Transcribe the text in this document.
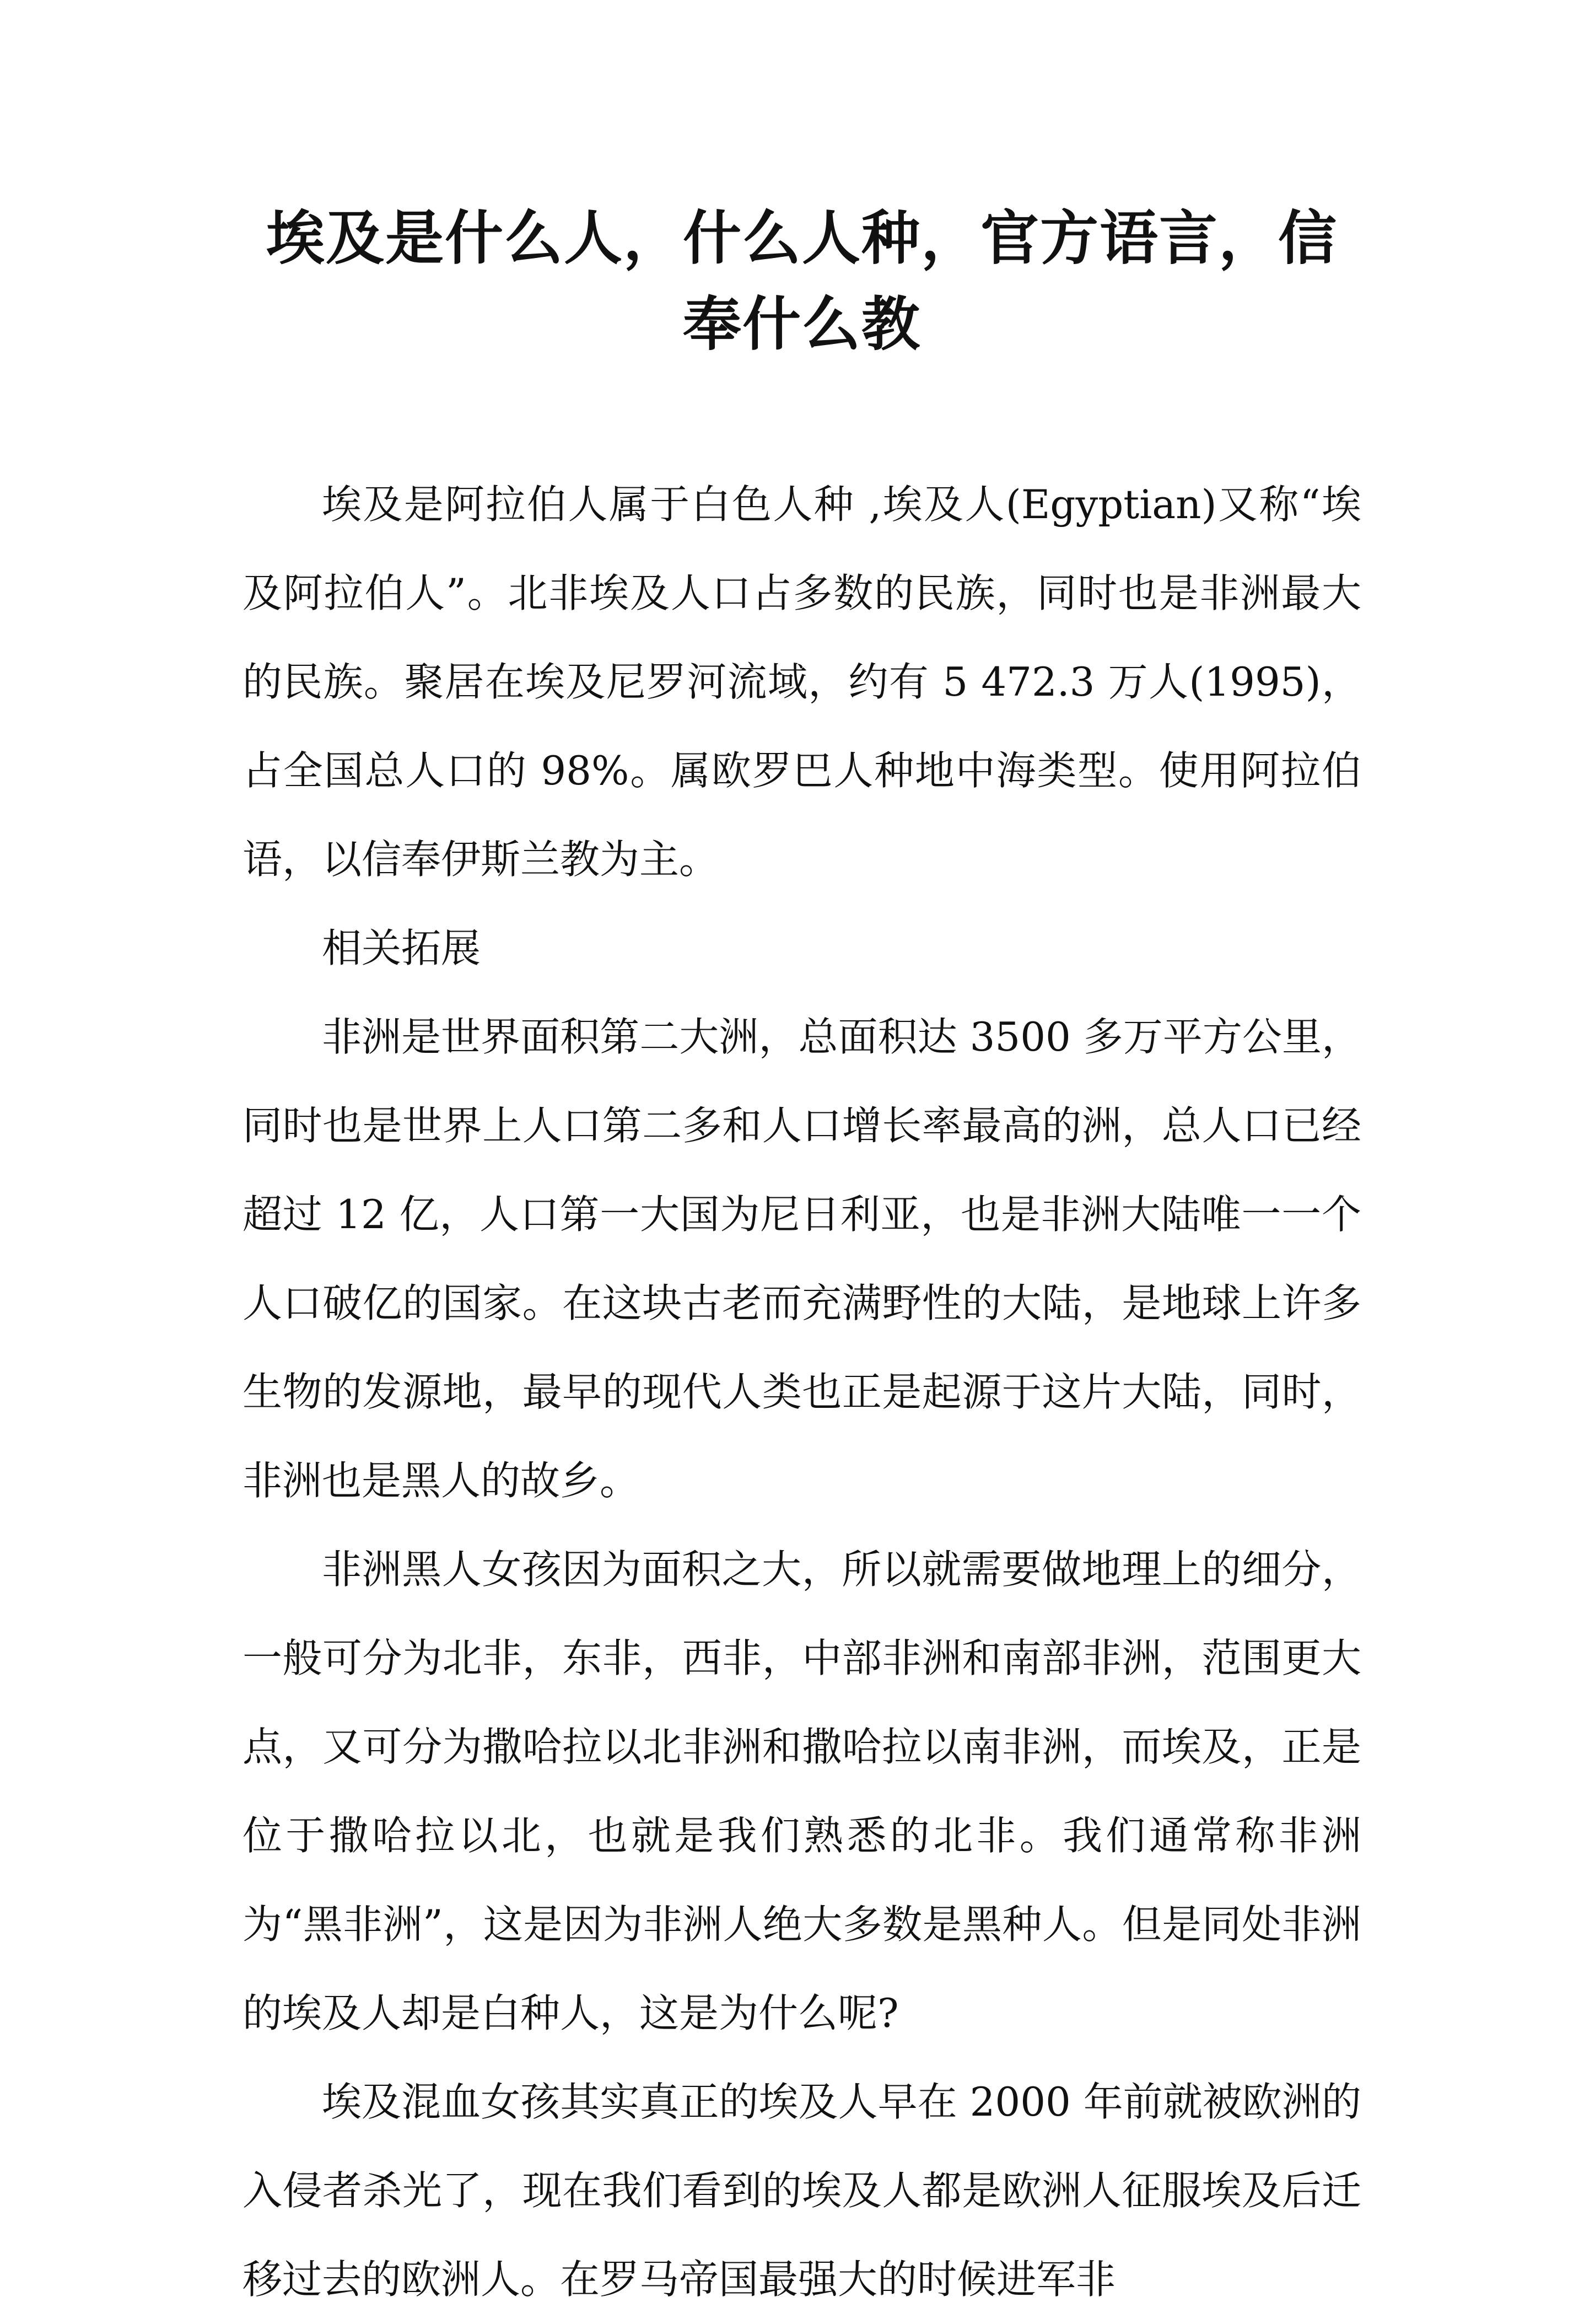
埃及是什么人，什么人种，官方语言，信奉什么教

埃及是阿拉伯人属于白色人种 ,埃及人(Egyptian)又称“埃及阿拉伯人”。北非埃及人口占多数的民族，同时也是非洲最大的民族。聚居在埃及尼罗河流域，约有 5 472.3 万人(1995)，占全国总人口的 98%。属欧罗巴人种地中海类型。使用阿拉伯语，以信奉伊斯兰教为主。

相关拓展

非洲是世界面积第二大洲，总面积达 3500 多万平方公里，同时也是世界上人口第二多和人口增长率最高的洲，总人口已经超过 12 亿，人口第一大国为尼日利亚，也是非洲大陆唯一一个人口破亿的国家。在这块古老而充满野性的大陆，是地球上许多生物的发源地，最早的现代人类也正是起源于这片大陆，同时，非洲也是黑人的故乡。

非洲黑人女孩因为面积之大，所以就需要做地理上的细分，一般可分为北非，东非，西非，中部非洲和南部非洲，范围更大点，又可分为撒哈拉以北非洲和撒哈拉以南非洲，而埃及，正是位于撒哈拉以北，也就是我们熟悉的北非。我们通常称非洲为“黑非洲”，这是因为非洲人绝大多数是黑种人。但是同处非洲的埃及人却是白种人，这是为什么呢?

埃及混血女孩其实真正的埃及人早在 2000 年前就被欧洲的入侵者杀光了，现在我们看到的埃及人都是欧洲人征服埃及后迁移过去的欧洲人。在罗马帝国最强大的时候进军非
